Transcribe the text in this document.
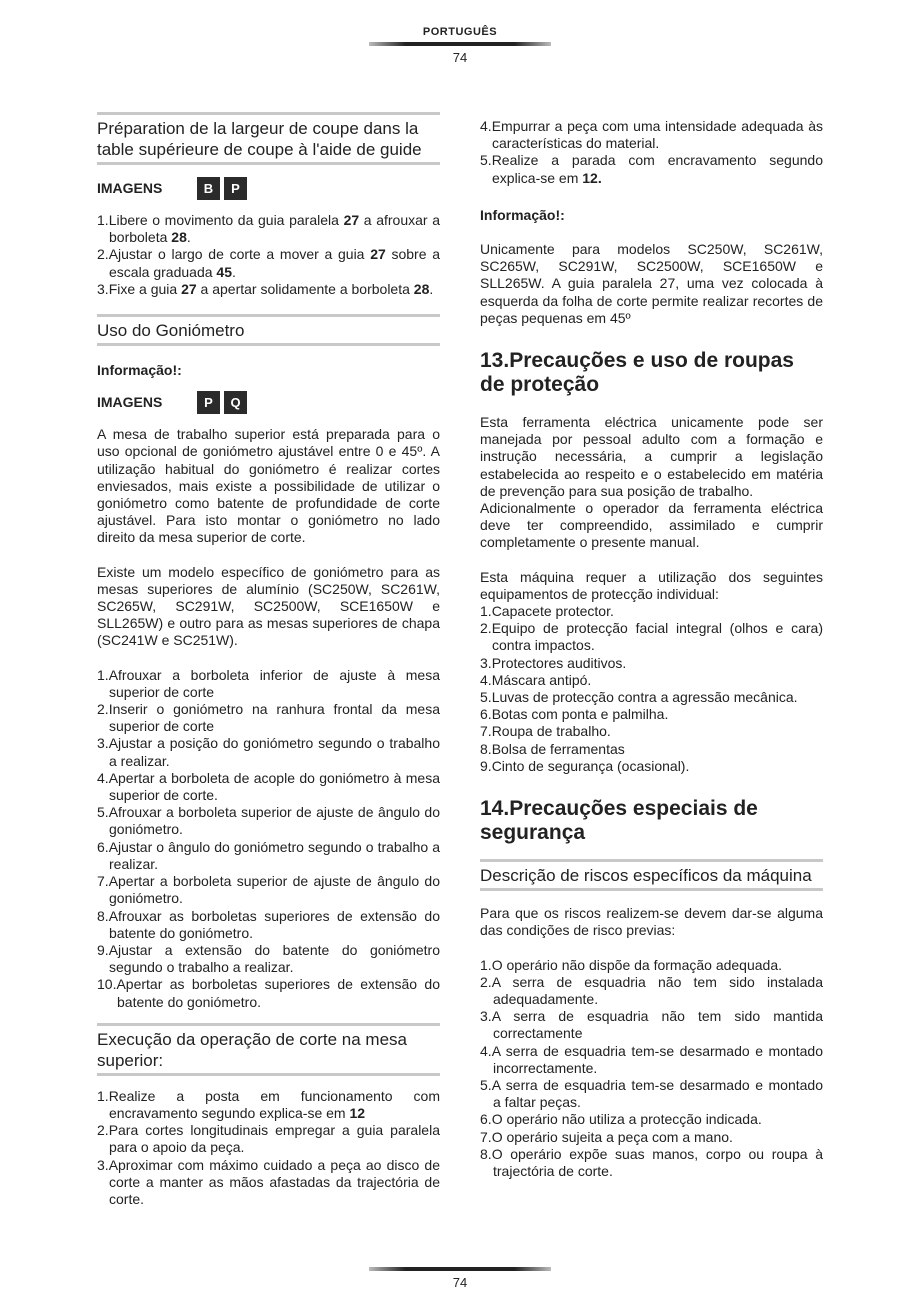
PORTUGUÊS
74
Préparation de la largeur de coupe dans la table supérieure de coupe à l'aide de guide
IMAGENS	B	P
1.Libere o movimento da guia paralela 27 a afrouxar a borboleta 28.
2.Ajustar o largo de corte a mover a guia 27 sobre a escala graduada 45.
3.Fixe a guia 27 a apertar solidamente a borboleta 28.
Uso do Goniómetro
Informação!:
IMAGENS	P	Q
A mesa de trabalho superior está preparada para o uso opcional de goniómetro ajustável entre 0 e 45º. A utilização habitual do goniómetro é realizar cortes enviesados, mais existe a possibilidade de utilizar o goniómetro como batente de profundidade de corte ajustável. Para isto montar o goniómetro no lado direito da mesa superior de corte.
Existe um modelo específico de goniómetro para as mesas superiores de alumínio (SC250W, SC261W, SC265W, SC291W, SC2500W, SCE1650W e SLL265W) e outro para as mesas superiores de chapa (SC241W e SC251W).
1.Afrouxar a borboleta inferior de ajuste à mesa superior de corte
2.Inserir o goniómetro na ranhura frontal da mesa superior de corte
3.Ajustar a posição do goniómetro segundo o trabalho a realizar.
4.Apertar a borboleta de acople do goniómetro à mesa superior de corte.
5.Afrouxar a borboleta superior de ajuste de ângulo do goniómetro.
6.Ajustar o ângulo do goniómetro segundo o trabalho a realizar.
7.Apertar a borboleta superior de ajuste de ângulo do goniómetro.
8.Afrouxar as borboletas superiores de extensão do batente do goniómetro.
9.Ajustar a extensão do batente do goniómetro segundo o trabalho a realizar.
10.Apertar as borboletas superiores de extensão do batente do goniómetro.
Execução da operação de corte na mesa superior:
1.Realize a posta em funcionamento com encravamento segundo explica-se em 12
2.Para cortes longitudinais empregar a guia paralela para o apoio da peça.
3.Aproximar com máximo cuidado a peça ao disco de corte a manter as mãos afastadas da trajectória de corte.
4.Empurrar a peça com uma intensidade adequada às características do material.
5.Realize a parada com encravamento segundo explica-se em 12.
Informação!:
Unicamente para modelos SC250W, SC261W, SC265W, SC291W, SC2500W, SCE1650W e SLL265W. A guia paralela 27, uma vez colocada à esquerda da folha de corte permite realizar recortes de peças pequenas em 45º
13.Precauções e uso de roupas de proteção
Esta ferramenta eléctrica unicamente pode ser manejada por pessoal adulto com a formação e instrução necessária, a cumprir a legislação estabelecida ao respeito e o estabelecido em matéria de prevenção para sua posição de trabalho.
Adicionalmente o operador da ferramenta eléctrica deve ter compreendido, assimilado e cumprir completamente o presente manual.
Esta máquina requer a utilização dos seguintes equipamentos de protecção individual:
1.Capacete protector.
2.Equipo de protecção facial integral (olhos e cara) contra impactos.
3.Protectores auditivos.
4.Máscara antipó.
5.Luvas de protecção contra a agressão mecânica.
6.Botas com ponta e palmilha.
7.Roupa de trabalho.
8.Bolsa de ferramentas
9.Cinto de segurança (ocasional).
14.Precauções especiais de segurança
Descrição de riscos específicos da máquina
Para que os riscos realizem-se devem dar-se alguma das condições de risco previas:
1.O operário não dispõe da formação adequada.
2.A serra de esquadria não tem sido instalada adequadamente.
3.A serra de esquadria não tem sido mantida correctamente
4.A serra de esquadria tem-se desarmado e montado incorrectamente.
5.A serra de esquadria tem-se desarmado e montado a faltar peças.
6.O operário não utiliza a protecção indicada.
7.O operário sujeita a peça com a mano.
8.O operário expõe suas manos, corpo ou roupa à trajectória de corte.
74
